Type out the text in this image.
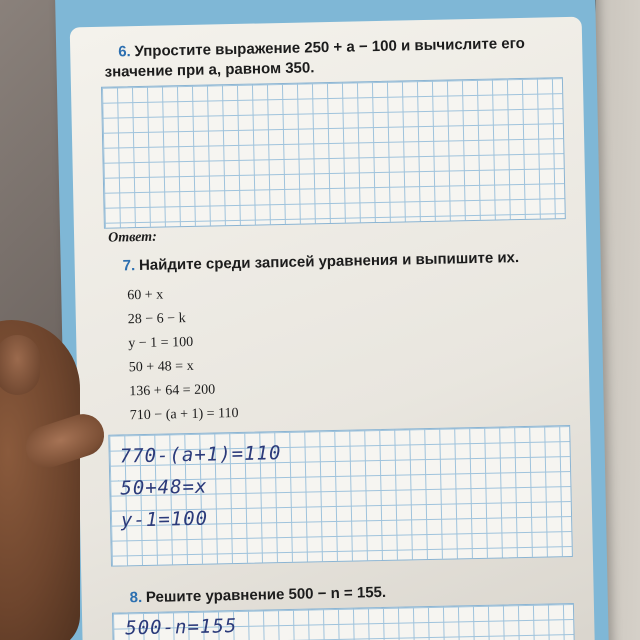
6. Упростите выражение 250 + a − 100 и вычислите его
значение при a, равном 350.
Ответ:
7. Найдите среди записей уравнения и выпишите их.
60 + x
28 − 6 − k
y − 1 = 100
50 + 48 = x
136 + 64 = 200
710 − (a + 1) = 110
770-(a+1)=110
50+48=x
y-1=100
8. Решите уравнение 500 − n = 155.
500-n=155
